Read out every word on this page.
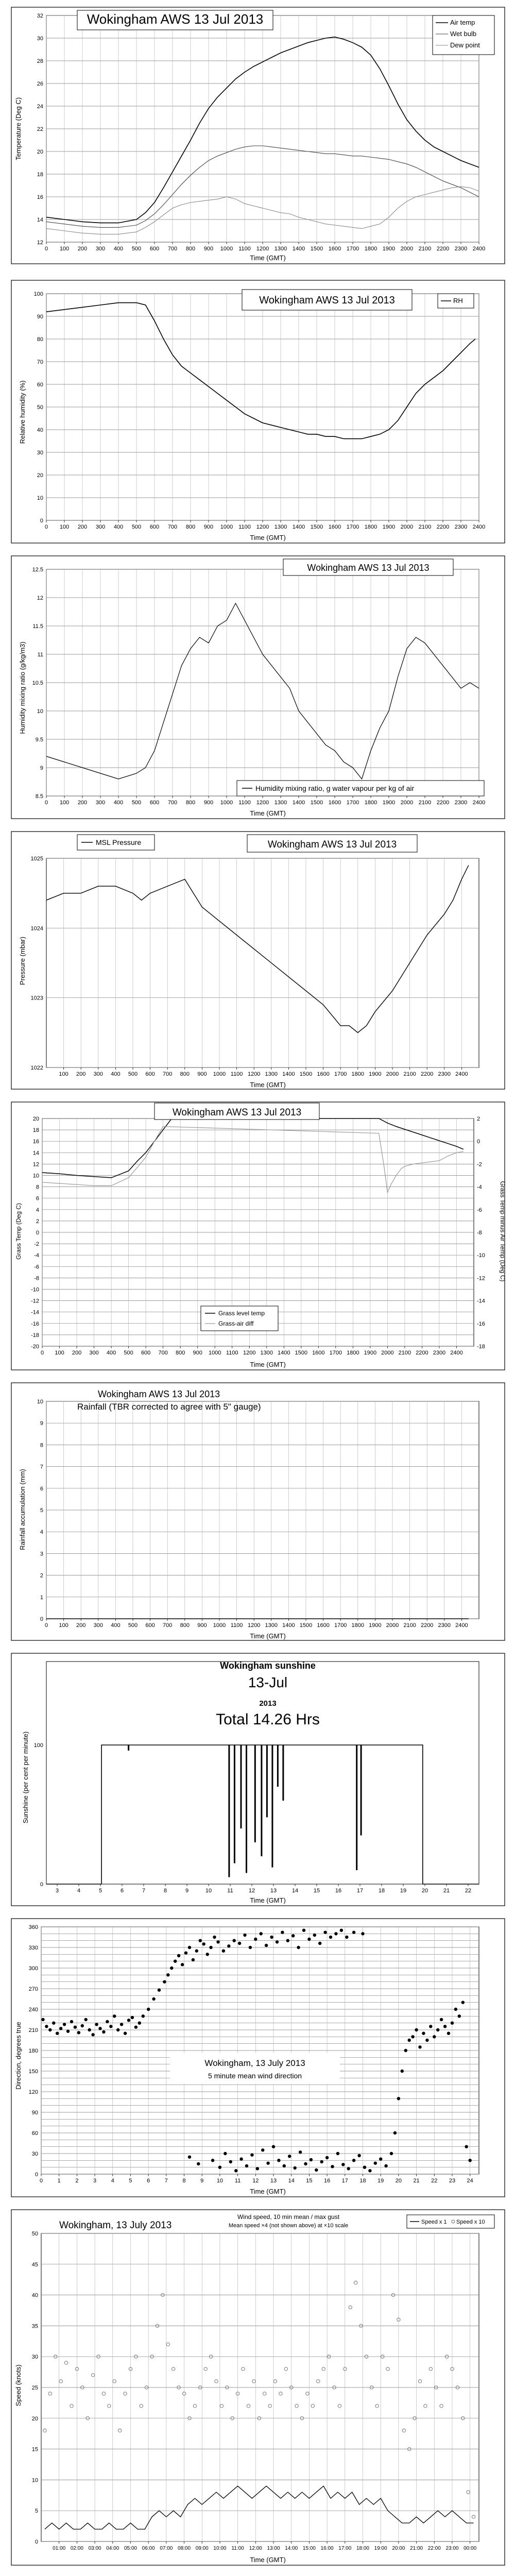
12
14
16
18
20
22
24
26
28
30
32
0 100 200 300 400 500 600 700 800 900 1000 1100 1200 1300 1400 1500 1600 1700 1800 1900 2000 2100 2200 2300 2400
Wokingham AWS 13 Jul 2013	Air temp
Wet bulb
Dew point
Time (GMT)
Temperature (Deg C)
0
10
20
30
40
50
60
70
80
90
100
0 100 200 300 400 500 600 700 800 900 1000 1100 1200 1300 1400 1500 1600 1700 1800 1900 2000 2100 2200 2300 2400
Wokingham AWS 13 Jul 2013	RH
Time (GMT)
Relative humidity (%)
8.5
9
9.5
10
10.5
11
11.5
12
12.5
0 100 200 300 400 500 600 700 800 900 1000 1100 1200 1300 1400 1500 1600 1700 1800 1900 2000 2100 2200 2300 2400
Wokingham AWS 13 Jul 2013
Humidity mixing ratio, g water vapour per kg of air
Time (GMT)
Humidity mixing ratio (g/kg/m3)
1022
1023
1024
1025
100 200 300 400 500 600 700 800 900 1000 1100 1200 1300 1400 1500 1600 1700 1800 1900 2000 2100 2200 2300 2400
Wokingham AWS 13 Jul 2013
MSL Pressure
Time (GMT)
Pressure (mbar)
-20
-18
-16
-14
-12
-10
-8
-6
-4
-2
0
2
4
6
8
10
12
14
16
18
20
-18
-16
-14
-12
-10
-8
-6
-4
-2
0
2
0 100 200 300 400 500 600 700 800 900 1000 1100 1200 1300 1400 1500 1600 1700 1800 1900 2000 2100 2200 2300 2400
Wokingham AWS 13 Jul 2013
Grass level temp
Grass-air diff
Time (GMT)
Grass Temp (Deg C)	Grass Temp minus Air Temp (Deg C)
0
1
2
3
4
5
6
7
8
9
10
0 100 200 300 400 500 600 700 800 900 1000 1100 1200 1300 1400 1500 1600 1700 1800 1900 2000 2100 2200 2300 2400
Wokingham AWS 13 Jul 2013
Rainfall (TBR corrected to agree with 5" gauge)
Time (GMT)
Rainfall accumulation (mm)
0
100
3	4	5	6	7	8	9	10	11	12	13	14	15	16	17	18	19	20	21	22
Wokingham sunshine
13-Jul
2013
Total 14.26 Hrs
Time (GMT)
Sunshine (per cent per minute)
0
30
60
90
120
150
180
210
240
270
300
330
360
0	1	2	3	4	5	6	7	8	9 10 11 12 13 14 15 16 17 18 19 20 21 22 23 24
Wokingham, 13 July 2013
5 minute mean wind direction
Time (GMT)
Direction, degrees true
0
5
10
15
20
25
30
35
40
45
50
01:00 02:00 03:00 04:00 05:00 06:00 07:00 08:00 09:00 10:00 11:00 12:00 13:00 14:00 15:00 16:00 17:00 18:00 19:00 20:00 21:00 22:00 23:00 00:00
Wokingham, 13 July 2013
Wind speed, 10 min mean / max gust
Mean speed ×4 (not shown above) at ×10 scale
Speed x 1 Speed x 10
Time (GMT)
Speed (knots)
